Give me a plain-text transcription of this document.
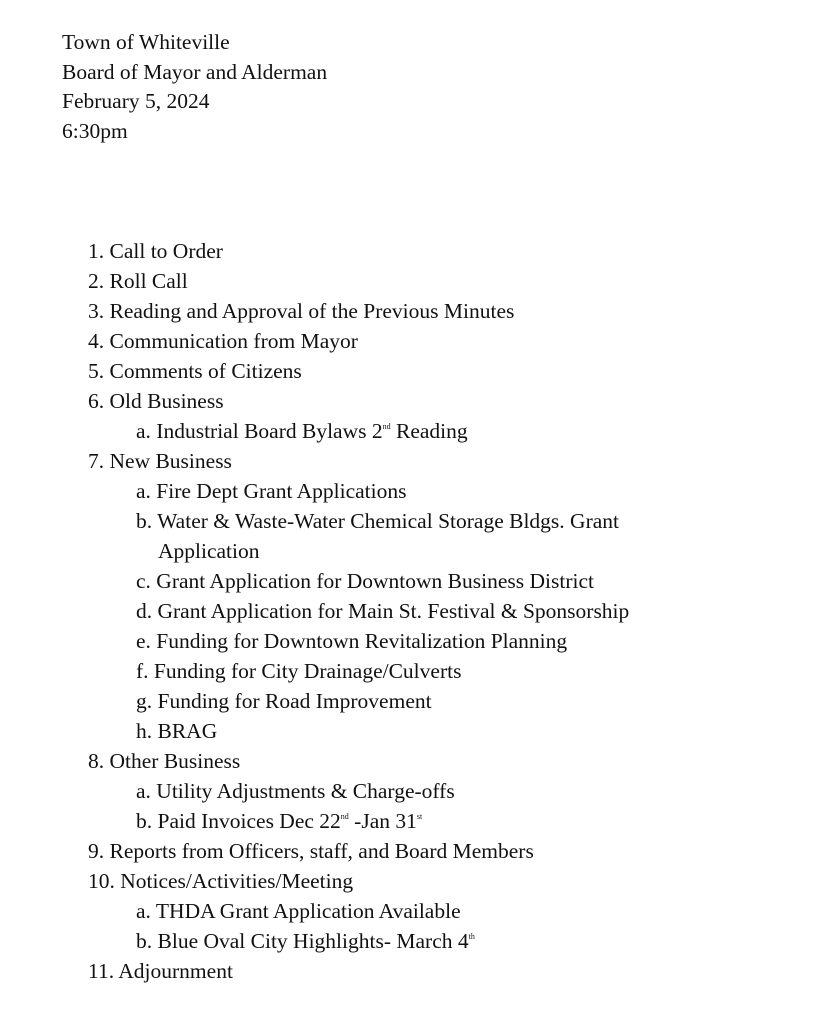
Town of Whiteville
Board of Mayor and Alderman
February 5, 2024
6:30pm
1. Call to Order
2. Roll Call
3. Reading and Approval of the Previous Minutes
4. Communication from Mayor
5. Comments of Citizens
6. Old Business
a. Industrial Board Bylaws 2nd Reading
7. New Business
a. Fire Dept Grant Applications
b. Water & Waste-Water Chemical Storage Bldgs. Grant
Application
c. Grant Application for Downtown Business District
d. Grant Application for Main St. Festival & Sponsorship
e. Funding for Downtown Revitalization Planning
f. Funding for City Drainage/Culverts
g. Funding for Road Improvement
h. BRAG
8. Other Business
a. Utility Adjustments & Charge-offs
b. Paid Invoices Dec 22nd -Jan 31st
9. Reports from Officers, staff, and Board Members
10. Notices/Activities/Meeting
a. THDA Grant Application Available
b. Blue Oval City Highlights- March 4th
11. Adjournment
